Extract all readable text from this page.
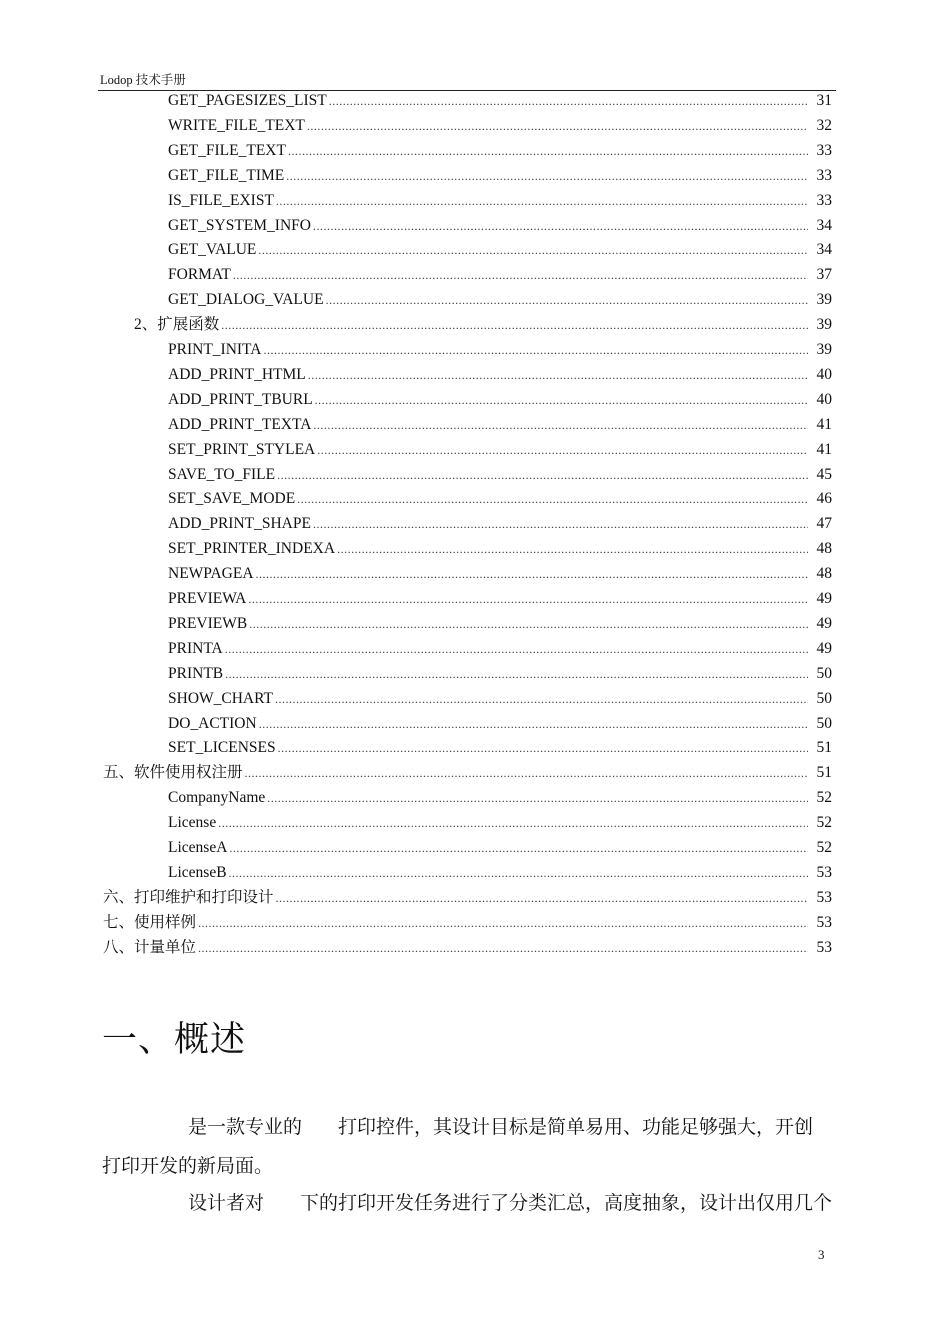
Lodop 技术手册
GET_PAGESIZES_LIST .....	31
WRITE_FILE_TEXT .....	32
GET_FILE_TEXT .....	33
GET_FILE_TIME .....	33
IS_FILE_EXIST .....	33
GET_SYSTEM_INFO .....	34
GET_VALUE .....	34
FORMAT .....	37
GET_DIALOG_VALUE .....	39
2、扩展函数 .....	39
PRINT_INITA .....	39
ADD_PRINT_HTML .....	40
ADD_PRINT_TBURL .....	40
ADD_PRINT_TEXTA .....	41
SET_PRINT_STYLEA .....	41
SAVE_TO_FILE .....	45
SET_SAVE_MODE .....	46
ADD_PRINT_SHAPE .....	47
SET_PRINTER_INDEXA .....	48
NEWPAGEA .....	48
PREVIEWA .....	49
PREVIEWB .....	49
PRINTA .....	49
PRINTB .....	50
SHOW_CHART .....	50
DO_ACTION .....	50
SET_LICENSES .....	51
五、软件使用权注册 .....	51
CompanyName .....	52
License .....	52
LicenseA .....	52
LicenseB .....	53
六、打印维护和打印设计 .....	53
七、使用样例 .....	53
八、计量单位 .....	53
一、概述
是一款专业的 打印控件，其设计目标是简单易用、功能足够强大，开创
打印开发的新局面。
设计者对 下的打印开发任务进行了分类汇总，高度抽象，设计出仅用几个
3
